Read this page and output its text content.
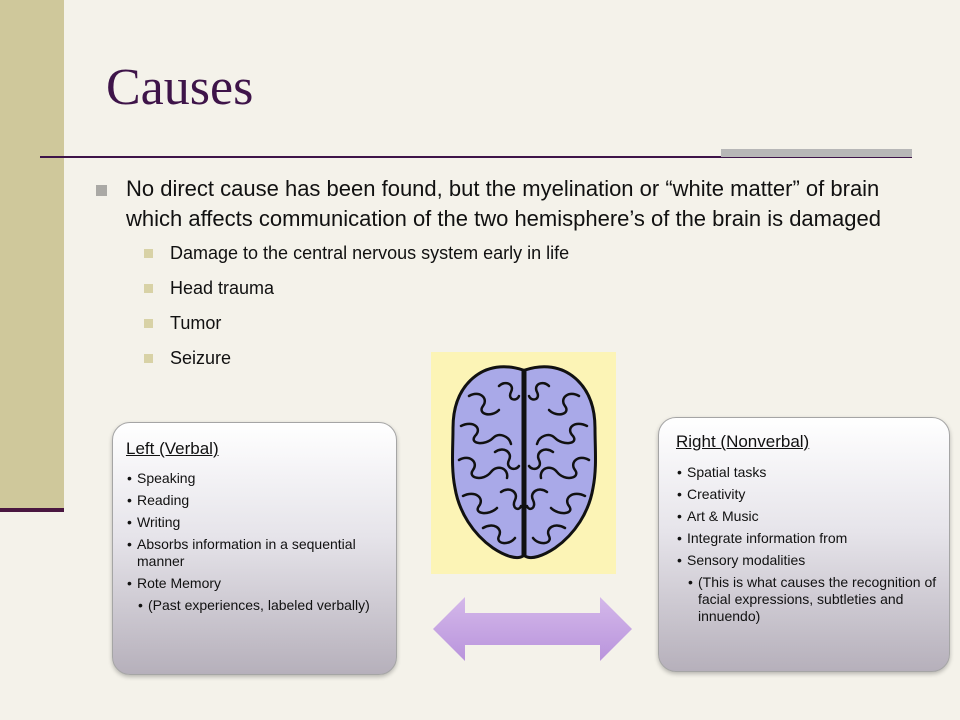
Causes
No direct cause has been found, but the myelination or “white matter” of brain which affects communication of the two hemisphere’s of the brain is damaged
Damage to the central nervous system early in life
Head trauma
Tumor
Seizure
Left (Verbal)
• Speaking
• Reading
• Writing
• Absorbs information in a sequential manner
• Rote Memory
• (Past experiences, labeled verbally)
Right (Nonverbal)
• Spatial tasks
• Creativity
• Art & Music
• Integrate information from
• Sensory modalities
• (This is what causes the recognition of facial expressions, subtleties and innuendo)
